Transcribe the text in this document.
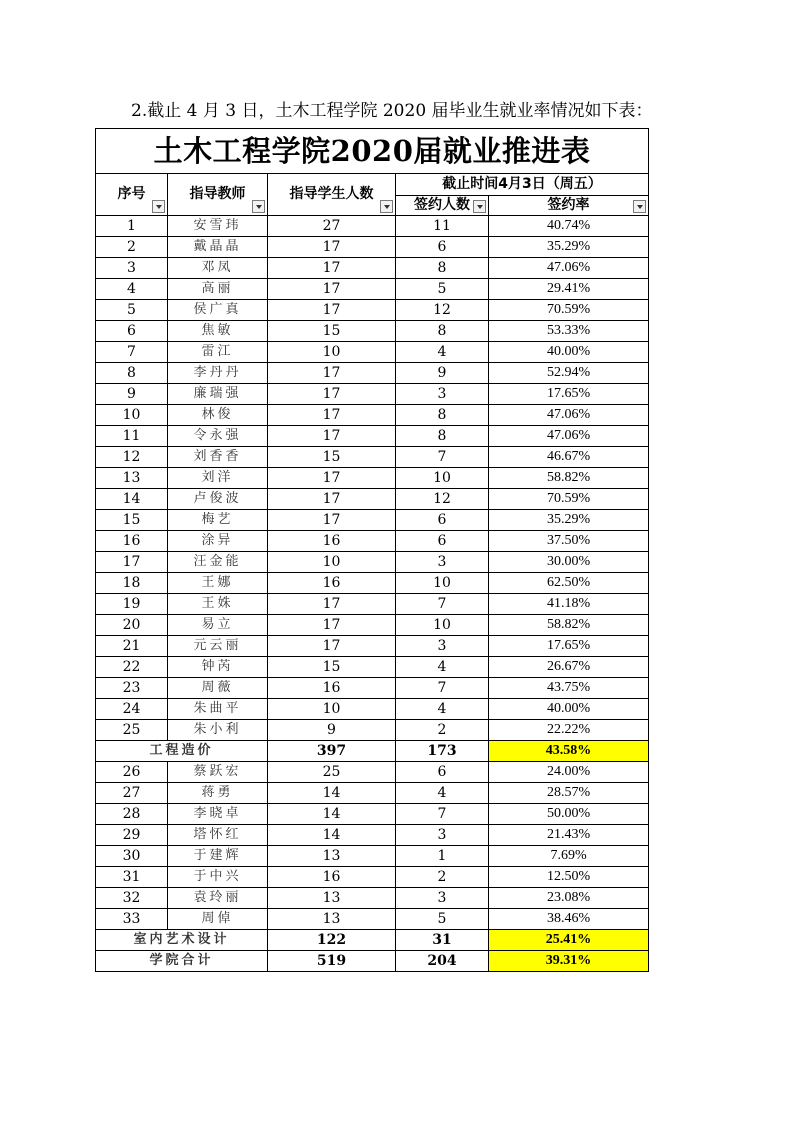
2.截止 4 月 3 日，土木工程学院 2020 届毕业生就业率情况如下表：
土木工程学院2020届就业推进表				
序号	指导教师	指导学生人数	截止时间4月3日（周五）	
			签约人数	签约率

1	安雪玮	27	11	40.74%
2	戴晶晶	17	6	35.29%
3	邓凤	17	8	47.06%
4	高丽	17	5	29.41%
5	侯广真	17	12	70.59%
6	焦敏	15	8	53.33%
7	雷江	10	4	40.00%
8	李丹丹	17	9	52.94%
9	廉瑞强	17	3	17.65%
10	林俊	17	8	47.06%
11	令永强	17	8	47.06%
12	刘香香	15	7	46.67%
13	刘洋	17	10	58.82%
14	卢俊波	17	12	70.59%
15	梅艺	17	6	35.29%
16	涂异	16	6	37.50%
17	汪金能	10	3	30.00%
18	王娜	16	10	62.50%
19	王姝	17	7	41.18%
20	易立	17	10	58.82%
21	元云丽	17	3	17.65%
22	钟芮	15	4	26.67%
23	周薇	16	7	43.75%
24	朱曲平	10	4	40.00%
25	朱小利	9	2	22.22%
工程造价		397	173	43.58%
26	蔡跃宏	25	6	24.00%
27	蒋勇	14	4	28.57%
28	李晓卓	14	7	50.00%
29	塔怀红	14	3	21.43%
30	于建辉	13	1	7.69%
31	于中兴	16	2	12.50%
32	袁玲丽	13	3	23.08%
33	周倬	13	5	38.46%
室内艺术设计		122	31	25.41%
学院合计		519	204	39.31%
